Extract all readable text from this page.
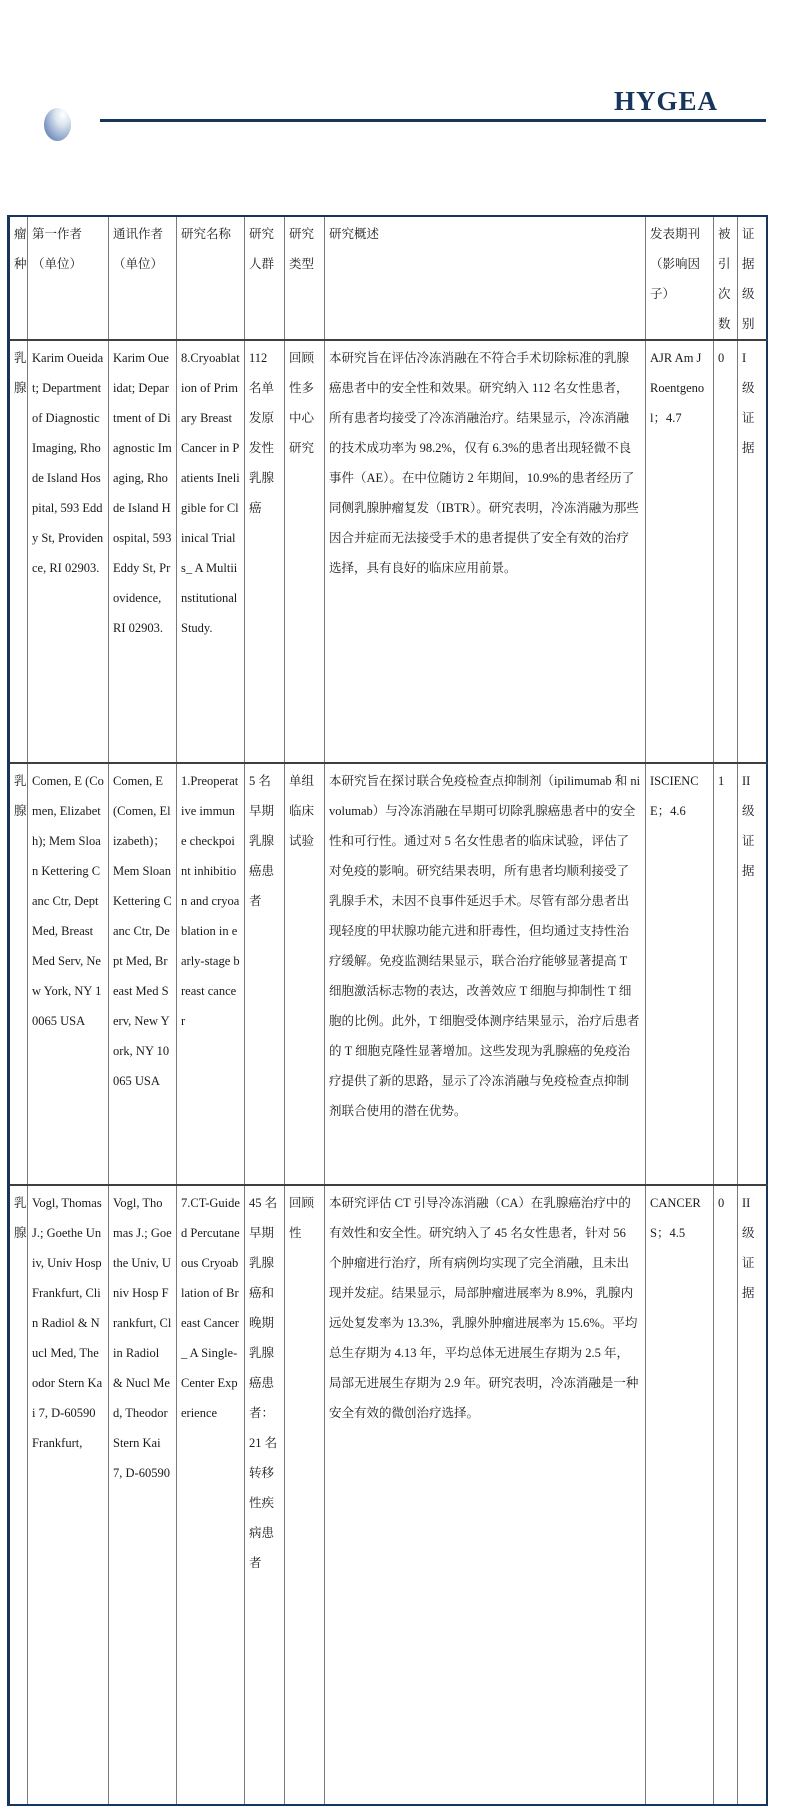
HYGEA
瘤种	第一作者（单位）	通讯作者（单位）	研究名称	研究人群	研究类型	研究概述	发表期刊（影响因子）	被引次数	证据级别
乳腺	Karim Oueidat; Department of Diagnostic Imaging, Rhode Island Hospital, 593 Eddy St, Providence, RI 02903.	Karim Oueidat; Department of Diagnostic Imaging, Rhode Island Hospital, 593 Eddy St, Providence, RI 02903.	8.Cryoablation of Primary Breast Cancer in Patients Ineligible for Clinical Trials_ A Multiinstitutional Study.	112 名单发原发性乳腺癌	回顾性多中心研究	本研究旨在评估冷冻消融在不符合手术切除标准的乳腺癌患者中的安全性和效果。研究纳入 112 名女性患者，所有患者均接受了冷冻消融治疗。结果显示，冷冻消融的技术成功率为 98.2%，仅有 6.3%的患者出现轻微不良事件（AE）。在中位随访 2 年期间，10.9%的患者经历了同侧乳腺肿瘤复发（IBTR）。研究表明，冷冻消融为那些因合并症而无法接受手术的患者提供了安全有效的治疗选择，具有良好的临床应用前景。	AJR Am J Roentgenol；4.7	0	I 级证据
乳腺	Comen, E (Comen, Elizabeth); Mem Sloan Kettering Canc Ctr, Dept Med, Breast Med Serv, New York, NY 10065 USA	Comen, E (Comen, Elizabeth)； Mem Sloan Kettering Canc Ctr, Dept Med, Breast Med Serv, New York, NY 10065 USA	1.Preoperative immune checkpoint inhibition and cryoablation in early-stage breast cancer	5 名早期乳腺癌患者	单组临床试验	本研究旨在探讨联合免疫检查点抑制剂（ipilimumab 和 nivolumab）与冷冻消融在早期可切除乳腺癌患者中的安全性和可行性。通过对 5 名女性患者的临床试验，评估了对免疫的影响。研究结果表明，所有患者均顺利接受了乳腺手术，未因不良事件延迟手术。尽管有部分患者出现轻度的甲状腺功能亢进和肝毒性，但均通过支持性治疗缓解。免疫监测结果显示，联合治疗能够显著提高 T 细胞激活标志物的表达，改善效应 T 细胞与抑制性 T 细胞的比例。此外，T 细胞受体测序结果显示，治疗后患者的 T 细胞克隆性显著增加。这些发现为乳腺癌的免疫治疗提供了新的思路，显示了冷冻消融与免疫检查点抑制剂联合使用的潜在优势。	ISCIENCE；4.6	1	II 级证据
乳腺	Vogl, Thomas J.; Goethe Univ, Univ Hosp Frankfurt, Clin Radiol & Nucl Med, Theodor Stern Kai 7, D-60590 Frankfurt,	Vogl, Thomas J.; Goethe Univ, Univ Hosp Frankfurt, Clin Radiol & Nucl Med, Theodor Stern Kai 7, D-60590	7.CT-Guided Percutaneous Cryoablation of Breast Cancer_ A Single-Center Experience	45 名早期乳腺癌和晚期乳腺癌患者：21 名转移性疾病患者	回顾性	本研究评估 CT 引导冷冻消融（CA）在乳腺癌治疗中的有效性和安全性。研究纳入了 45 名女性患者，针对 56 个肿瘤进行治疗，所有病例均实现了完全消融，且未出现并发症。结果显示，局部肿瘤进展率为 8.9%，乳腺内远处复发率为 13.3%，乳腺外肿瘤进展率为 15.6%。平均总生存期为 4.13 年，平均总体无进展生存期为 2.5 年，局部无进展生存期为 2.9 年。研究表明，冷冻消融是一种安全有效的微创治疗选择。	CANCERS；4.5	0	II 级证据
